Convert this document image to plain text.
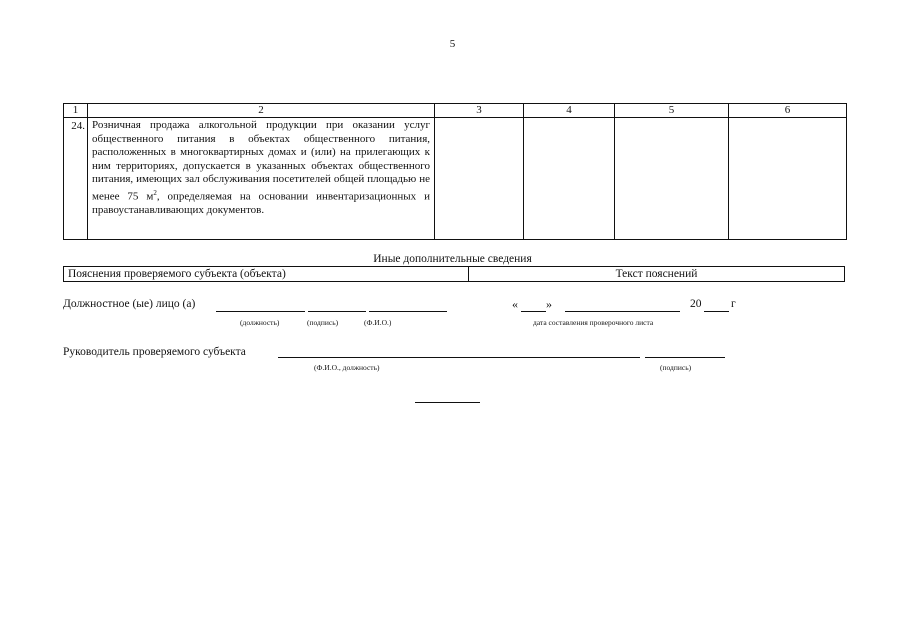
5
1	2	3	4	5	6
24.	Розничная продажа алкогольной продукции при оказании услуг общественного питания в объектах общественного питания, расположенных в многоквартирных домах и (или) на прилегающих к ним территориях, допускается в указанных объектах общественного питания, имеющих зал обслуживания посетителей общей площадью не менее 75 $м^2$, определяемая на основании инвентаризационных и правоустанавливающих документов.				
Иные дополнительные сведения
Пояснения проверяемого субъекта (объекта)	Текст пояснений
Должностное (ые) лицо (а)
(должность)	(подпись)	(Ф.И.О.)
« »	20	г
дата составления проверочного листа
Руководитель проверяемого субъекта
(Ф.И.О., должность)	(подпись)
